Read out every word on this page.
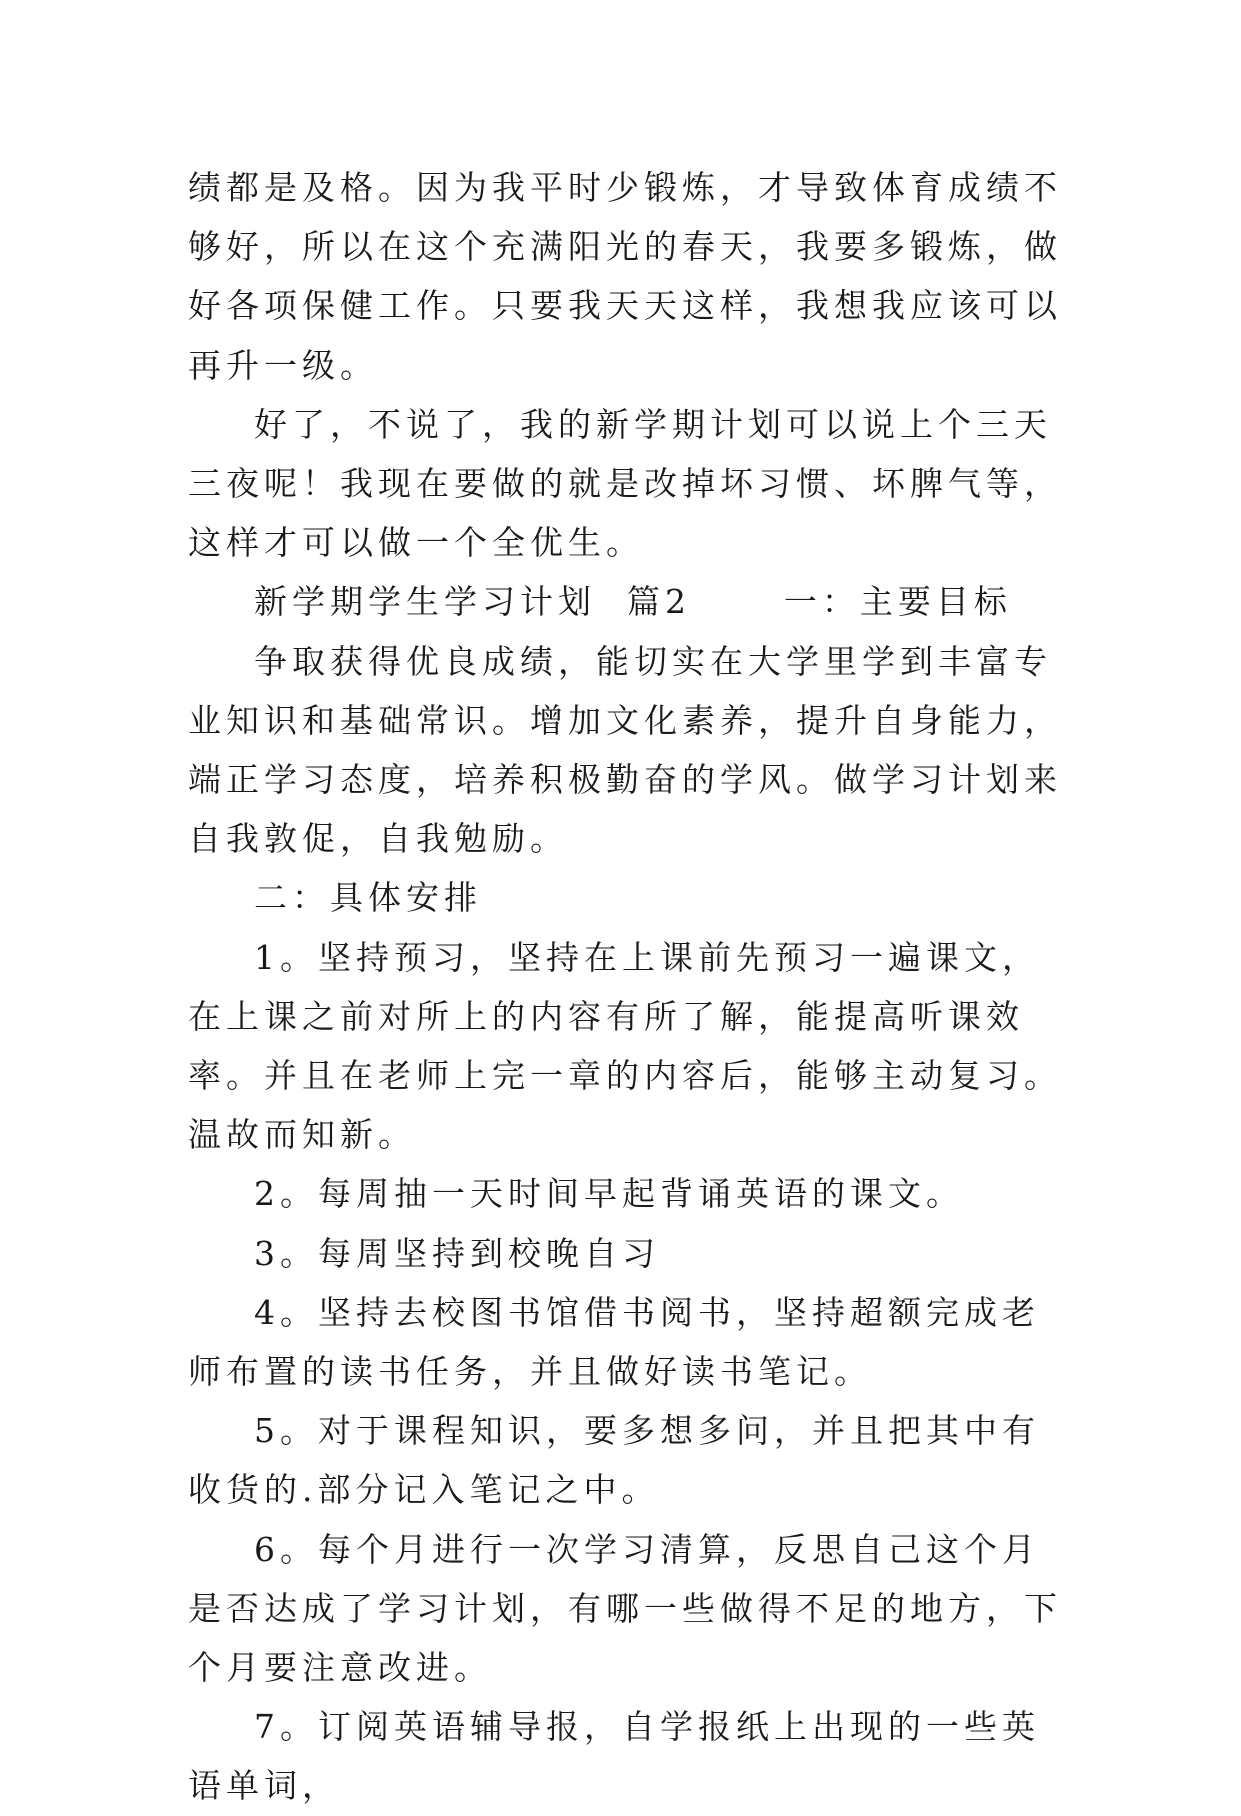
绩都是及格。因为我平时少锻炼，才导致体育成绩不够好，所以在这个充满阳光的春天，我要多锻炼，做好各项保健工作。只要我天天这样，我想我应该可以再升一级。

好了，不说了，我的新学期计划可以说上个三天三夜呢！我现在要做的就是改掉坏习惯、坏脾气等，这样才可以做一个全优生。

新学期学生学习计划  篇2      一：主要目标

争取获得优良成绩，能切实在大学里学到丰富专业知识和基础常识。增加文化素养，提升自身能力，端正学习态度，培养积极勤奋的学风。做学习计划来自我敦促，自我勉励。

二：具体安排

1。坚持预习，坚持在上课前先预习一遍课文，在上课之前对所上的内容有所了解，能提高听课效率。并且在老师上完一章的内容后，能够主动复习。温故而知新。

2。每周抽一天时间早起背诵英语的课文。

3。每周坚持到校晚自习

4。坚持去校图书馆借书阅书，坚持超额完成老师布置的读书任务，并且做好读书笔记。

5。对于课程知识，要多想多问，并且把其中有收货的.部分记入笔记之中。

6。每个月进行一次学习清算，反思自己这个月是否达成了学习计划，有哪一些做得不足的地方，下个月要注意改进。

7。订阅英语辅导报，自学报纸上出现的一些英语单词，
